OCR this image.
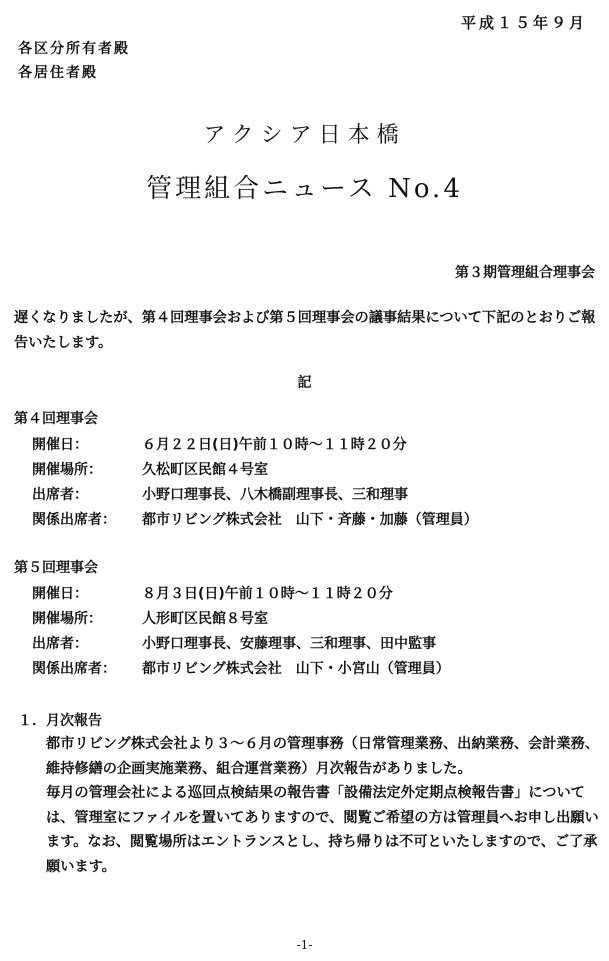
平成１５年９月
各区分所有者殿
各居住者殿
アクシア日本橋
管理組合ニュース No.4
第３期管理組合理事会
遅くなりましたが、第４回理事会および第５回理事会の議事結果について下記のとおりご報告いたします。
記
第４回理事会
開催日：	６月２２日(日)午前１０時～１１時２０分
開催場所：	久松町区民館４号室
出席者：	小野口理事長、八木橋副理事長、三和理事
関係出席者： 都市リビング株式会社　山下・斉藤・加藤（管理員）
第５回理事会
開催日：	８月３日(日)午前１０時～１１時２０分
開催場所：	人形町区民館８号室
出席者：	小野口理事長、安藤理事、三和理事、田中監事
関係出席者： 都市リビング株式会社　山下・小宮山（管理員）
１．月次報告

都市リビング株式会社より３～６月の管理事務（日常管理業務、出納業務、会計業務、維持修繕の企画実施業務、組合運営業務）月次報告がありました。

毎月の管理会社による巡回点検結果の報告書「設備法定外定期点検報告書」については、管理室にファイルを置いてありますので、閲覧ご希望の方は管理員へお申し出願います。なお、閲覧場所はエントランスとし、持ち帰りは不可といたしますので、ご了承願います。

-1-
